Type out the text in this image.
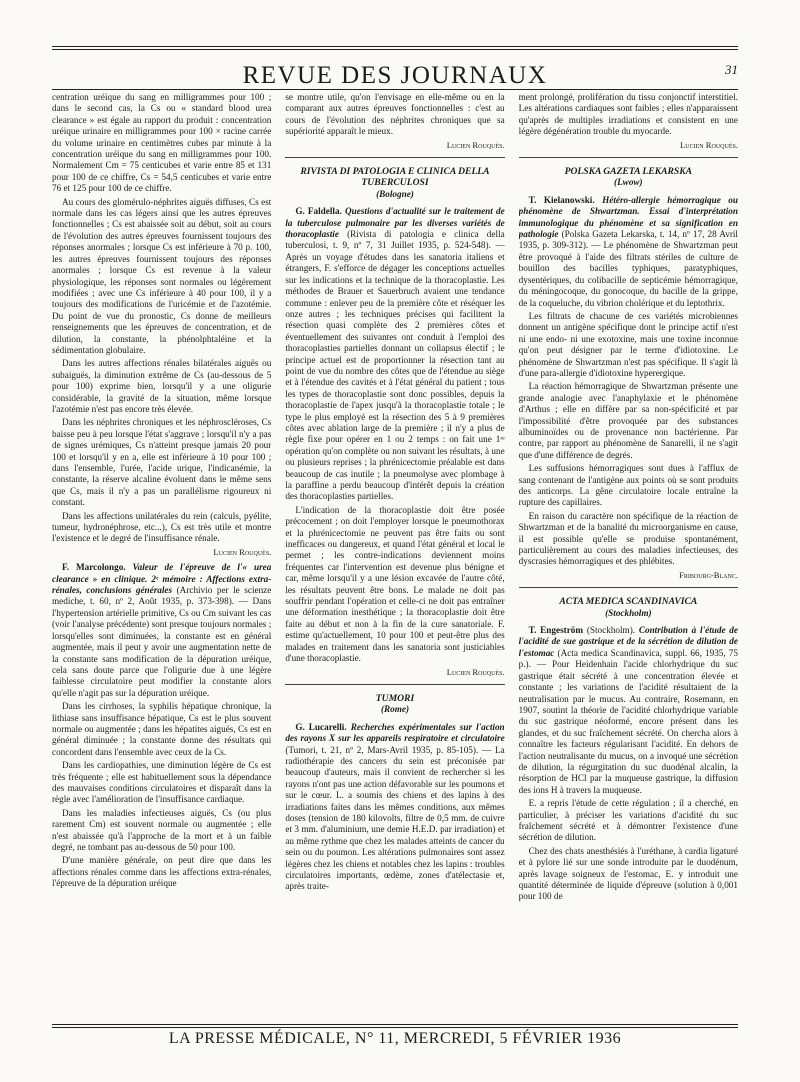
REVUE DES JOURNAUX	31

centration uréique du sang en milligrammes pour 100 ; dans le second cas, la Cs ou « standard blood urea clearance » est égale au rapport du produit : concentration uréique urinaire en milligrammes pour 100 × racine carrée du volume urinaire en centimètres cubes par minute à la concentration uréique du sang en milligrammes pour 100. Normalement Cm = 75 centicubes et varie entre 85 et 131 pour 100 de ce chiffre, Cs = 54,5 centicubes et varie entre 76 et 125 pour 100 de ce chiffre.

Au cours des glomérulo-néphrites aiguës diffuses, Cs est normale dans les cas légers ainsi que les autres épreuves fonctionnelles ; Cs est abaissée soit au début, soit au cours de l'évolution des autres épreuves fournissent toujours des réponses anormales ; lorsque Cs est inférieure à 70 p. 100, les autres épreuves fournissent toujours des réponses anormales ; lorsque Cs est revenue à la valeur physiologique, les réponses sont normales ou légèrement modifiées ; avec une Cs inférieure à 40 pour 100, il y a toujours des modifications de l'uricémie et de l'azotémie. Du point de vue du pronostic, Cs donne de meilleurs renseignements que les épreuves de concentration, et de dilution, la constante, la phénolphtaléine et la sédimentation globulaire.

Dans les autres affections rénales bilatérales aiguës ou subaiguës, la diminution extrême de Cs (au-dessous de 5 pour 100) exprime bien, lorsqu'il y a une oligurie considérable, la gravité de la situation, même lorsque l'azotémie n'est pas encore très élevée.

Dans les néphrites chroniques et les néphroscléroses, Cs baisse peu à peu lorsque l'état s'aggrave ; lorsqu'il n'y a pas de signes urémiques, Cs n'atteint presque jamais 20 pour 100 et lorsqu'il y en a, elle est inférieure à 10 pour 100 ; dans l'ensemble, l'urée, l'acide urique, l'indicanémie, la constante, la réserve alcaline évoluent dans le même sens que Cs, mais il n'y a pas un parallélisme rigoureux ni constant.

Dans les affections unilatérales du rein (calculs, pyélite, tumeur, hydronéphrose, etc...), Cs est très utile et montre l'existence et le degré de l'insuffisance rénale.

Lucien Rouquès.

F. Marcolongo. Valeur de l'épreuve de l'« urea clearance » en clinique. 2ᵉ mémoire : Affections extra-rénales, conclusions générales (Archivio per le scienze mediche, t. 60, nº 2, Août 1935, p. 373-398). — Dans l'hypertension artérielle primitive, Cs ou Cm suivant les cas (voir l'analyse précédente) sont presque toujours normales ; lorsqu'elles sont diminuées, la constante est en général augmentée, mais il peut y avoir une augmentation nette de la constante sans modification de la dépuration uréique, cela sans doute parce que l'oligurie due à une légère faiblesse circulatoire peut modifier la constante alors qu'elle n'agit pas sur la dépuration uréique.

Dans les cirrhoses, la syphilis hépatique chronique, la lithiase sans insuffisance hépatique, Cs est le plus souvent normale ou augmentée ; dans les hépatites aiguës, Cs est en général diminuée ; la constante donne des résultats qui concordent dans l'ensemble avec ceux de la Cs.

Dans les cardiopathies, une diminution légère de Cs est très fréquente ; elle est habituellement sous la dépendance des mauvaises conditions circulatoires et disparaît dans la règle avec l'amélioration de l'insuffisance cardiaque.

Dans les maladies infectieuses aiguës, Cs (ou plus rarement Cm) est souvent normale ou augmentée ; elle n'est abaissée qu'à l'approche de la mort et à un faible degré, ne tombant pas au-dessous de 50 pour 100.

D'une manière générale, on peut dire que dans les affections rénales comme dans les affections extra-rénales, l'épreuve de la dépuration uréique

se montre utile, qu'on l'envisage en elle-même ou en la comparant aux autres épreuves fonctionnelles : c'est au cours de l'évolution des néphrites chroniques que sa supériorité apparaît le mieux.

Lucien Rouquès.
RIVISTA DI PATOLOGIA E CLINICA DELLA TUBERCULOSI
(Bologne)

G. Faldella. Questions d'actualité sur le traitement de la tuberculose pulmonaire par les diverses variétés de thoracoplastie (Rivista di patologia e clinica della tuberculosi, t. 9, nº 7, 31 Juillet 1935, p. 524-548). — Après un voyage d'études dans les sanatoria italiens et étrangers, F. s'efforce de dégager les conceptions actuelles sur les indications et la technique de la thoracoplastie. Les méthodes de Brauer et Sauerbruch avaient une tendance commune : enlever peu de la première côte et réséquer les onze autres ; les techniques précises qui facilitent la résection quasi complète des 2 premières côtes et éventuellement des suivantes ont conduit à l'emploi des thoracoplasties partielles donnant un collapsus électif ; le principe actuel est de proportionner la résection tant au point de vue du nombre des côtes que de l'étendue au siège et à l'étendue des cavités et à l'état général du patient ; tous les types de thoracoplastie sont donc possibles, depuis la thoracoplastie de l'apex jusqu'à la thoracoplastie totale ; le type le plus employé est la résection des 5 à 9 premières côtes avec ablation large de la première ; il n'y a plus de règle fixe pour opérer en 1 ou 2 temps : on fait une 1ʳᵉ opération qu'on complète ou non suivant les résultats, à une ou plusieurs reprises ; la phrénicectomie préalable est dans beaucoup de cas inutile ; la pneumolyse avec plombage à la paraffine a perdu beaucoup d'intérêt depuis la création des thoracoplasties partielles.

L'indication de la thoracoplastie doit être posée précocement ; on doit l'employer lorsque le pneumothorax et la phrénicectomie ne peuvent pas être faits ou sont inefficaces ou dangereux, et quand l'état général et local le permet ; les contre-indications deviennent moins fréquentes car l'intervention est devenue plus bénigne et car, même lorsqu'il y a une lésion excavée de l'autre côté, les résultats peuvent être bons. Le malade ne doit pas souffrir pendant l'opération et celle-ci ne doit pas entraîner une déformation inesthétique ; la thoracoplastie doit être faite au début et non à la fin de la cure sanatoriale. F. estime qu'actuellement, 10 pour 100 et peut-être plus des malades en traitement dans les sanatoria sont justiciables d'une thoracoplastie.

Lucien Rouquès.
TUMORI
(Rome)

G. Lucarelli. Recherches expérimentales sur l'action des rayons X sur les appareils respiratoire et circulatoire (Tumori, t. 21, nº 2, Mars-Avril 1935, p. 85-105). — La radiothérapie des cancers du sein est préconisée par beaucoup d'auteurs, mais il convient de rechercher si les rayons n'ont pas une action défavorable sur les poumons et sur le cœur. L. a soumis des chiens et des lapins à des irradiations faites dans les mêmes conditions, aux mêmes doses (tension de 180 kilovolts, filtre de 0,5 mm. de cuivre et 3 mm. d'aluminium, une demie H.E.D. par irradiation) et au même rythme que chez les malades atteints de cancer du sein ou du poumon. Les altérations pulmonaires sont assez légères chez les chiens et notables chez les lapins : troubles circulatoires importants, œdème, zones d'atélectasie et, après traite-

ment prolongé, prolifération du tissu conjonctif interstitiel. Les altérations cardiaques sont faibles ; elles n'apparaissent qu'après de multiples irradiations et consistent en une légère dégénération trouble du myocarde.

Lucien Rouquès.
POLSKA GAZETA LEKARSKA
(Lwow)

T. Kielanowski. Hétéro-allergie hémorragique ou phénomène de Shwartzman. Essai d'interprétation immunologique du phénomène et sa signification en pathologie (Polska Gazeta Lekarska, t. 14, nº 17, 28 Avril 1935, p. 309-312). — Le phénomène de Shwartzman peut être provoqué à l'aide des filtrats stériles de culture de bouillon des bacilles typhiques, paratyphiques, dysentériques, du colibacille de septicémie hémorragique, du méningocoque, du gonocoque, du bacille de la grippe, de la coqueluche, du vibrion cholérique et du leptothrix.

Les filtrats de chacune de ces variétés microbiennes donnent un antigène spécifique dont le principe actif n'est ni une endo- ni une exotoxine, mais une toxine inconnue qu'on peut désigner par le terme d'idiotoxine. Le phénomène de Shwartzman n'est pas spécifique. Il s'agit là d'une para-allergie d'idiotoxine hyperergique.

La réaction hémorragique de Shwartzman présente une grande analogie avec l'anaphylaxie et le phénomène d'Arthus ; elle en diffère par sa non-spécificité et par l'impossibilité d'être provoquée par des substances albuminoïdes ou de provenance non bactérienne. Par contre, par rapport au phénomène de Sanarelli, il ne s'agit que d'une différence de degrés.

Les suffusions hémorragiques sont dues à l'afflux de sang contenant de l'antigène aux points où se sont produits des anticorps. La gêne circulatoire locale entraîne la rupture des capillaires.

En raison du caractère non spécifique de la réaction de Shwartzman et de la banalité du microorganisme en cause, il est possible qu'elle se produise spontanément, particulièrement au cours des maladies infectieuses, des dyscrasies hémorragiques et des phlébites.

Fribourg-Blanc.
ACTA MEDICA SCANDINAVICA
(Stockholm)

T. Engeström (Stockholm). Contribution à l'étude de l'acidité de sue gastrique et de la sécrétion de dilution de l'estomac (Acta medica Scandinavica, suppl. 66, 1935, 75 p.). — Pour Heidenhain l'acide chlorhydrique du suc gastrique était sécrété à une concentration élevée et constante ; les variations de l'acidité résultaient de la neutralisation par le mucus. Au contraire, Rosemann, en 1907, soutint la théorie de l'acidité chlorhydrique variable du suc gastrique néoformé, encore présent dans les glandes, et du suc fraîchement sécrété. On chercha alors à connaître les facteurs régularisant l'acidité. En dehors de l'action neutralisante du mucus, on a invoqué une sécrétion de dilution, la régurgitation du suc duodénal alcalin, la résorption de HCl par la muqueuse gastrique, la diffusion des ions H à travers la muqueuse.

E. a repris l'étude de cette régulation ; il a cherché, en particulier, à préciser les variations d'acidité du suc fraîchement sécrété et à démontrer l'existence d'une sécrétion de dilution.

Chez des chats anesthésiés à l'uréthane, à cardia ligaturé et à pylore lié sur une sonde introduite par le duodénum, après lavage soigneux de l'estomac, E. y introduit une quantité déterminée de liquide d'épreuve (solution à 0,001 pour 100 de

LA PRESSE MÉDICALE, N° 11, MERCREDI, 5 FÉVRIER 1936
